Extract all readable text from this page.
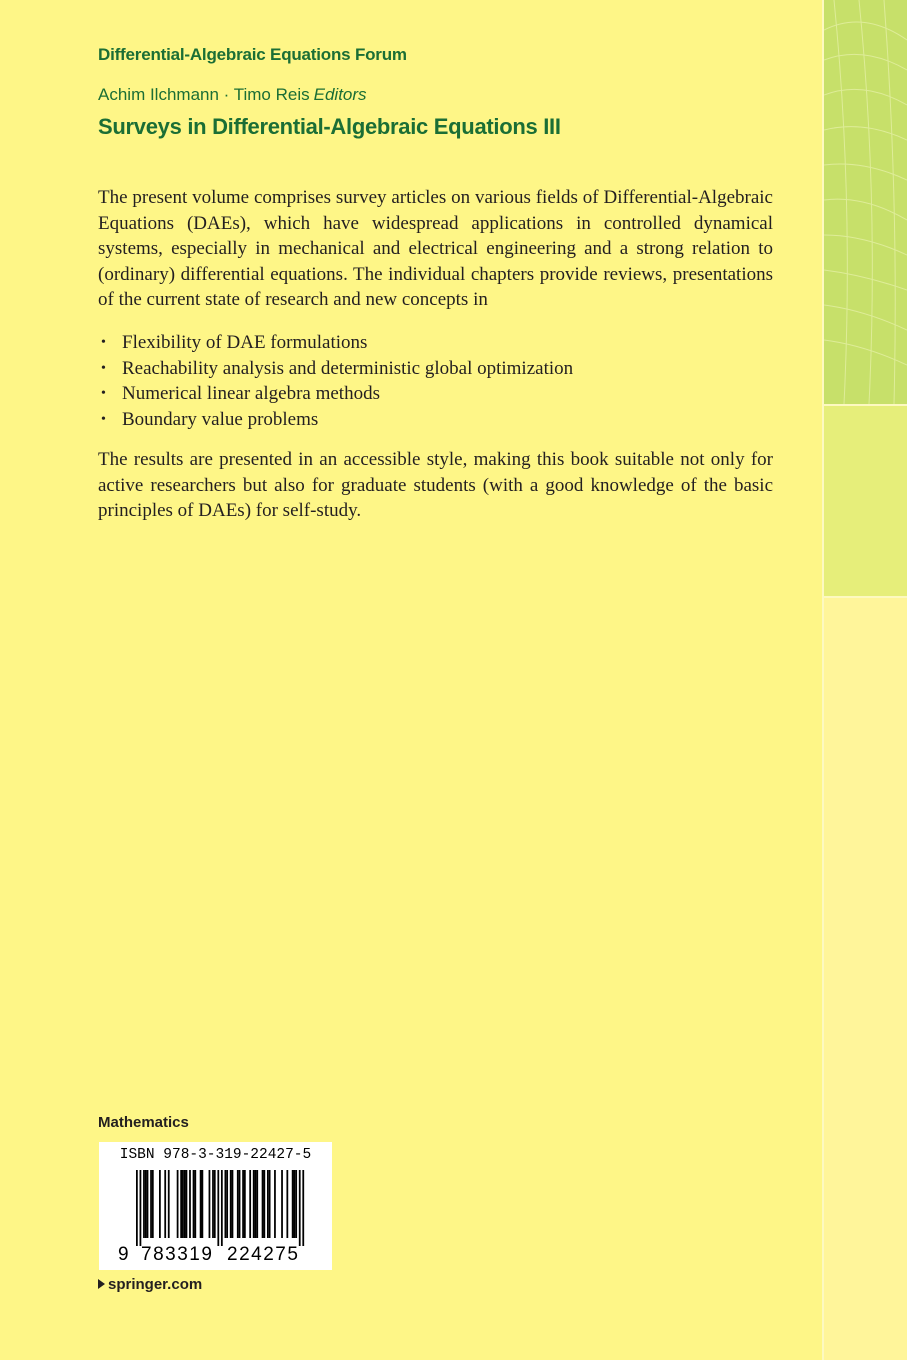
Differential-Algebraic Equations Forum
Achim Ilchmann · Timo Reis Editors
Surveys in Differential-Algebraic Equations III

The present volume comprises survey articles on various fields of Differential-Algebraic Equations (DAEs), which have widespread applications in controlled dynamical systems, especially in mechanical and electrical engineering and a strong relation to (ordinary) differential equations. The individual chapters provide reviews, presentations of the current state of research and new concepts in

• Flexibility of DAE formulations
• Reachability analysis and deterministic global optimization
• Numerical linear algebra methods
• Boundary value problems

The results are presented in an accessible style, making this book suitable not only for active researchers but also for graduate students (with a good knowledge of the basic principles of DAEs) for self-study.

Mathematics
ISBN 978-3-319-22427-5
9 783319 224275
springer.com
